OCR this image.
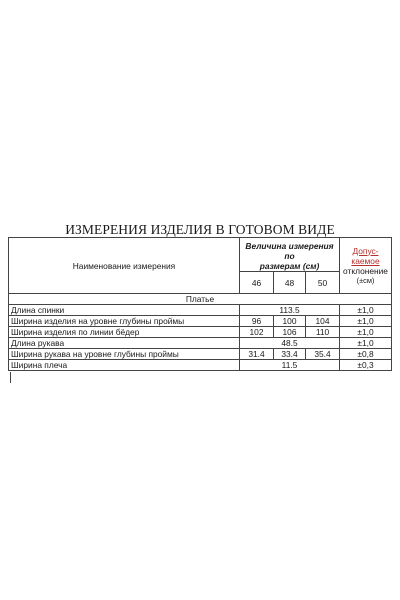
ИЗМЕРЕНИЯ ИЗДЕЛИЯ В ГОТОВОМ ВИДЕ
Наименование измерения	Величина измерения по
размерам (см)			Допус-
каемое
отклонение
(±см)

	46	48	50	
Платье				
Длина спинки	113.5			±1,0
Ширина изделия на уровне глубины проймы	96	100	104	±1,0
Ширина изделия по линии бёдер	102	106	110	±1,0
Длина рукава	48.5			±1,0
Ширина рукава на уровне глубины проймы	31.4	33.4	35.4	±0,8
Ширина плеча	11.5			±0,3
